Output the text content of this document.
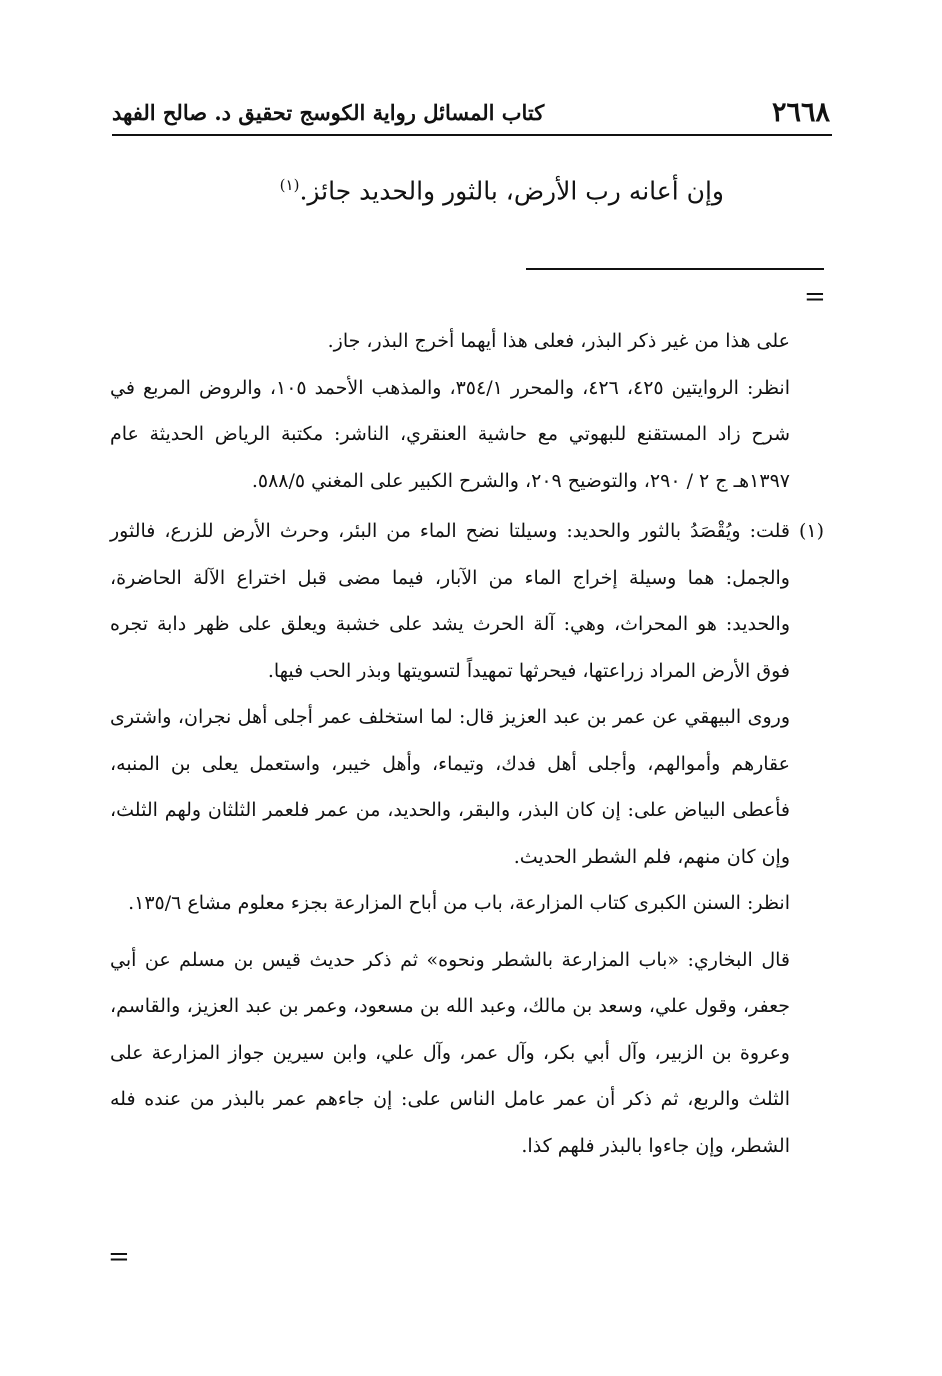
٢٦٦٨
كتاب المسائل رواية الكوسج تحقيق د. صالح الفهد
وإن أعانه رب الأرض، بالثور والحديد جائز.$^{(١)}$
=

على هذا من غير ذكر البذر، فعلى هذا أيهما أخرج البذر، جاز.

انظر: الروايتين ٤٢٥، ٤٢٦، والمحرر ٣٥٤/١، والمذهب الأحمد ١٠٥، والروض المربع في شرح زاد المستقنع للبهوتي مع حاشية العنقري، الناشر: مكتبة الرياض الحديثة عام ١٣٩٧هـ ج ٢ / ٢٩٠، والتوضيح ٢٠٩، والشرح الكبير على المغني ٥٨٨/٥.

(١)

قلت: ويُقْصَدُ بالثور والحديد: وسيلتا نضح الماء من البئر، وحرث الأرض للزرع، فالثور والجمل: هما وسيلة إخراج الماء من الآبار، فيما مضى قبل اختراع الآلة الحاضرة، والحديد: هو المحراث، وهي: آلة الحرث يشد على خشبة ويعلق على ظهر دابة تجره فوق الأرض المراد زراعتها، فيحرثها تمهيداً لتسويتها وبذر الحب فيها.

وروى البيهقي عن عمر بن عبد العزيز قال: لما استخلف عمر أجلى أهل نجران، واشترى عقارهم وأموالهم، وأجلى أهل فدك، وتيماء، وأهل خيبر، واستعمل يعلى بن المنبه، فأعطى البياض على: إن كان البذر، والبقر، والحديد، من عمر فلعمر الثلثان ولهم الثلث، وإن كان منهم، فلم الشطر الحديث.

انظر: السنن الكبرى كتاب المزارعة، باب من أباح المزارعة بجزء معلوم مشاع ١٣٥/٦.

قال البخاري: «باب المزارعة بالشطر ونحوه» ثم ذكر حديث قيس بن مسلم عن أبي جعفر، وقول علي، وسعد بن مالك، وعبد الله بن مسعود، وعمر بن عبد العزيز، والقاسم، وعروة بن الزبير، وآل أبي بكر، وآل عمر، وآل علي، وابن سيرين جواز المزارعة على الثلث والربع، ثم ذكر أن عمر عامل الناس على: إن جاءهم عمر بالبذر من عنده فله الشطر، وإن جاءوا بالبذر فلهم كذا.

=
